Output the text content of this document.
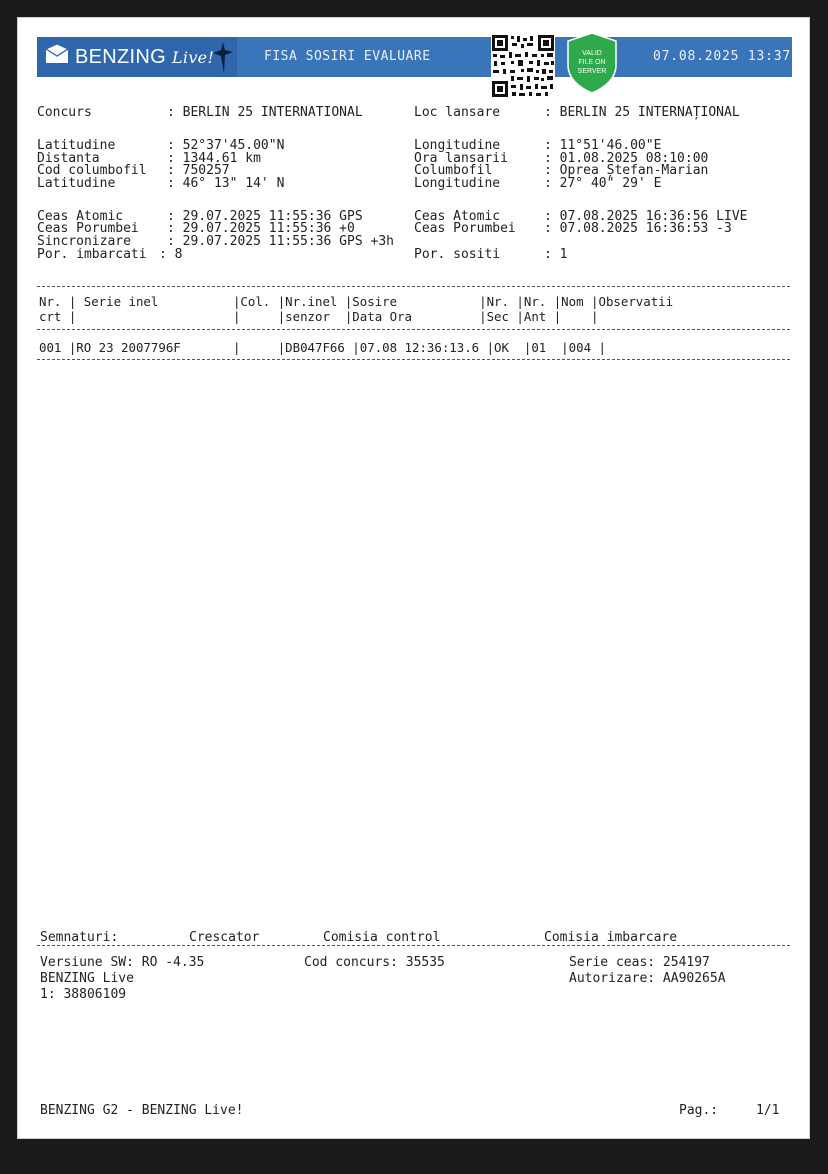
BENZING Live!	FISA SOSIRI EVALUARE	07.08.2025 13:37
VALID
FILE ON
SERVER
Concurs	: BERLIN 25 INTERNATIONAL	Loc lansare	: BERLIN 25 INTERNAȚIONAL
Latitudine	: 52°37'45.00"N	Longitudine	: 11°51'46.00"E
Distanta	: 1344.61 km	Ora lansarii	: 01.08.2025 08:10:00
Cod columbofil : 750257	Columbofil	: Oprea Ștefan-Marian
Latitudine	: 46° 13" 14' N	Longitudine	: 27° 40" 29' E
Ceas Atomic	: 29.07.2025 11:55:36 GPS	Ceas Atomic	: 07.08.2025 16:36:56 LIVE
Ceas Porumbei : 29.07.2025 11:55:36 +0	Ceas Porumbei : 07.08.2025 16:36:53 -3
Sincronizare	: 29.07.2025 11:55:36 GPS +3h
Por. imbarcati : 8	Por. sositi	: 1
Nr. | Serie inel          |Col. |Nr.inel |Sosire           |Nr. |Nr. |Nom |Observatii
crt |                     |     |senzor  |Data Ora         |Sec |Ant |    |
001 |RO 23 2007796F       |     |DB047F66 |07.08 12:36:13.6 |OK  |01  |004 |
Semnaturi:	Crescator	Comisia control	Comisia imbarcare
Versiune SW: RO -4.35
BENZING Live
1: 38806109
Cod concurs: 35535	Serie ceas: 254197
Autorizare: AA90265A
BENZING G2 - BENZING Live!	Pag.:	1/1
